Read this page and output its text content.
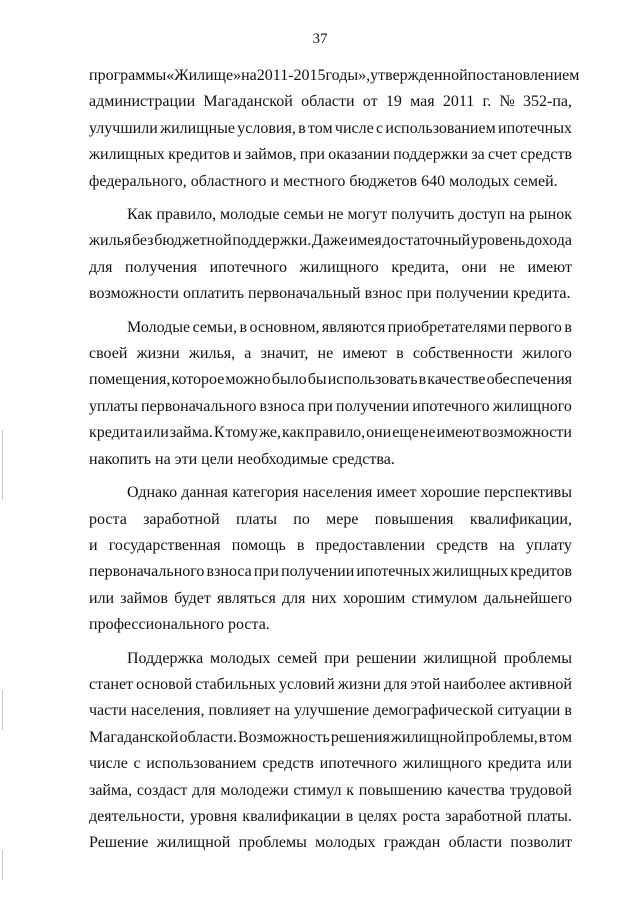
37
программы «Жилище» на 2011-2015 годы», утвержденной постановлением
администрации Магаданской области от 19 мая 2011 г. № 352-па,
улучшили жилищные условия, в том числе с использованием ипотечных
жилищных кредитов и займов, при оказании поддержки за счет средств
федерального, областного и местного бюджетов 640 молодых семей.
Как правило, молодые семьи не могут получить доступ на рынок
жилья без бюджетной поддержки. Даже имея достаточный уровень дохода
для получения ипотечного жилищного кредита, они не имеют
возможности оплатить первоначальный взнос при получении кредита.
Молодые семьи, в основном, являются приобретателями первого в
своей жизни жилья, а значит, не имеют в собственности жилого
помещения, которое можно было бы использовать в качестве обеспечения
уплаты первоначального взноса при получении ипотечного жилищного
кредита или займа. К тому же, как правило, они еще не имеют возможности
накопить на эти цели необходимые средства.
Однако данная категория населения имеет хорошие перспективы
роста заработной платы по мере повышения квалификации,
и государственная помощь в предоставлении средств на уплату
первоначального взноса при получении ипотечных жилищных кредитов
или займов будет являться для них хорошим стимулом дальнейшего
профессионального роста.
Поддержка молодых семей при решении жилищной проблемы
станет основой стабильных условий жизни для этой наиболее активной
части населения, повлияет на улучшение демографической ситуации в
Магаданской области. Возможность решения жилищной проблемы, в том
числе с использованием средств ипотечного жилищного кредита или
займа, создаст для молодежи стимул к повышению качества трудовой
деятельности, уровня квалификации в целях роста заработной платы.
Решение жилищной проблемы молодых граждан области позволит
